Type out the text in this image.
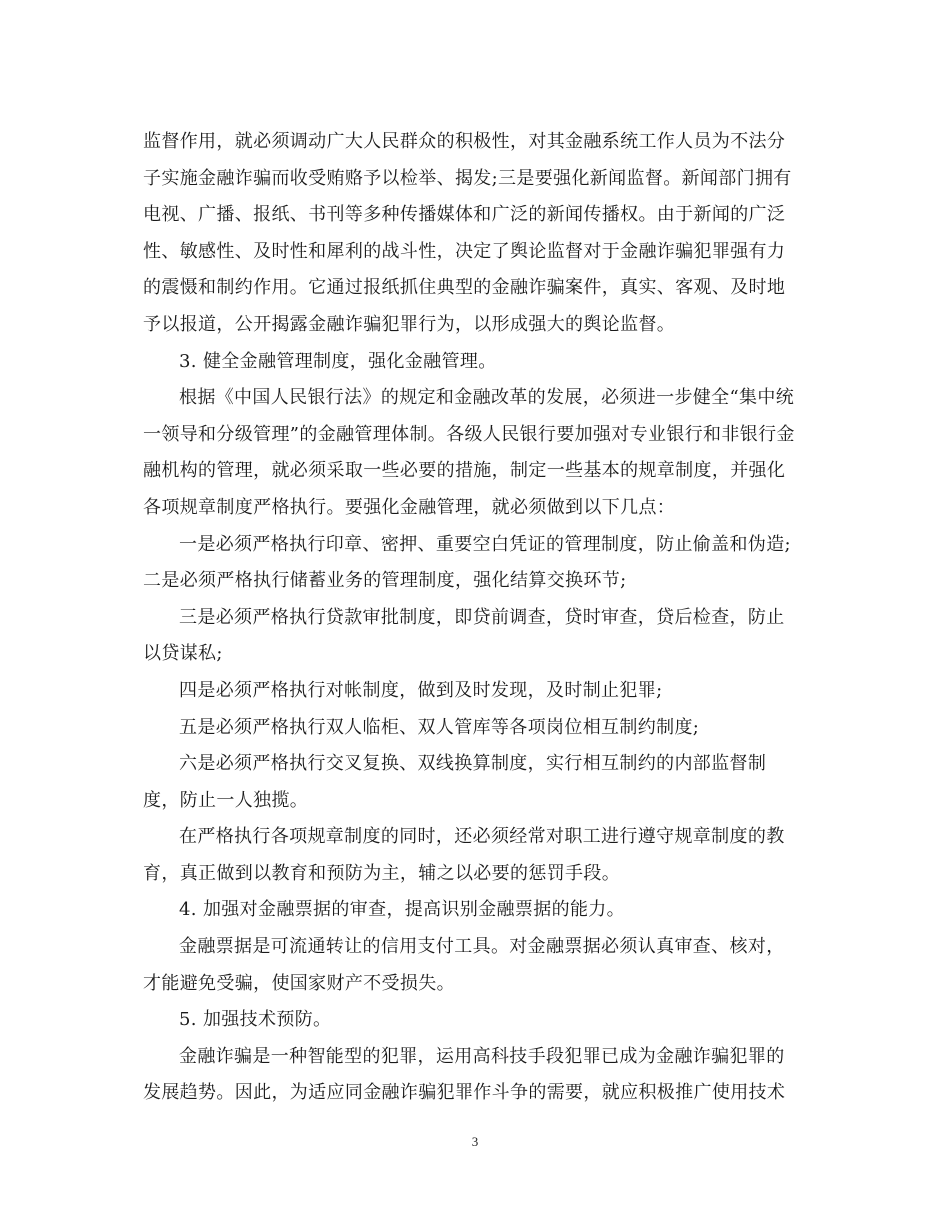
监督作用，就必须调动广大人民群众的积极性，对其金融系统工作人员为不法分
子实施金融诈骗而收受贿赂予以检举、揭发;三是要强化新闻监督。新闻部门拥有
电视、广播、报纸、书刊等多种传播媒体和广泛的新闻传播权。由于新闻的广泛
性、敏感性、及时性和犀利的战斗性，决定了舆论监督对于金融诈骗犯罪强有力
的震慑和制约作用。它通过报纸抓住典型的金融诈骗案件，真实、客观、及时地
予以报道，公开揭露金融诈骗犯罪行为，以形成强大的舆论监督。
3. 健全金融管理制度，强化金融管理。
根据《中国人民银行法》的规定和金融改革的发展，必须进一步健全“集中统
一领导和分级管理”的金融管理体制。各级人民银行要加强对专业银行和非银行金
融机构的管理，就必须采取一些必要的措施，制定一些基本的规章制度，并强化
各项规章制度严格执行。要强化金融管理，就必须做到以下几点：
一是必须严格执行印章、密押、重要空白凭证的管理制度，防止偷盖和伪造;
二是必须严格执行储蓄业务的管理制度，强化结算交换环节;
三是必须严格执行贷款审批制度，即贷前调查，贷时审查，贷后检查，防止
以贷谋私;
四是必须严格执行对帐制度，做到及时发现，及时制止犯罪;
五是必须严格执行双人临柜、双人管库等各项岗位相互制约制度;
六是必须严格执行交叉复换、双线换算制度，实行相互制约的内部监督制
度，防止一人独揽。
在严格执行各项规章制度的同时，还必须经常对职工进行遵守规章制度的教
育，真正做到以教育和预防为主，辅之以必要的惩罚手段。
4. 加强对金融票据的审查，提高识别金融票据的能力。
金融票据是可流通转让的信用支付工具。对金融票据必须认真审查、核对，
才能避免受骗，使国家财产不受损失。
5. 加强技术预防。
金融诈骗是一种智能型的犯罪，运用高科技手段犯罪已成为金融诈骗犯罪的
发展趋势。因此，为适应同金融诈骗犯罪作斗争的需要，就应积极推广使用技术
3
